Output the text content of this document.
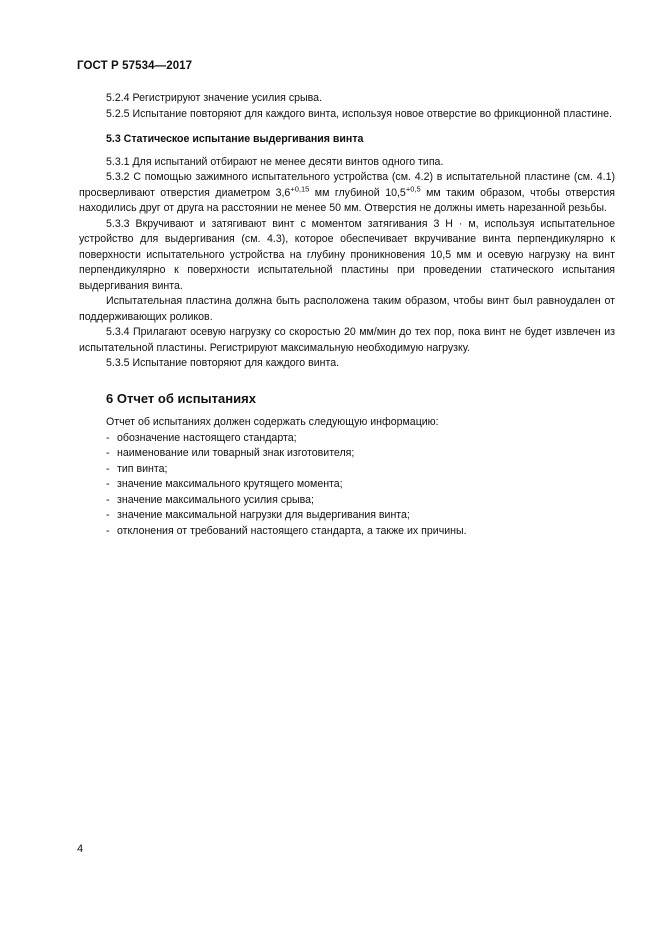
ГОСТ Р 57534—2017

5.2.4 Регистрируют значение усилия срыва.

5.2.5 Испытание повторяют для каждого винта, используя новое отверстие во фрикционной пластине.

5.3 Статическое испытание выдергивания винта

5.3.1 Для испытаний отбирают не менее десяти винтов одного типа.

5.3.2 С помощью зажимного испытательного устройства (см. 4.2) в испытательной пластине (см. 4.1) просверливают отверстия диаметром $3,6^{+0,15}$ мм глубиной $10,5^{+0,5}$ мм таким образом, чтобы отверстия находились друг от друга на расстоянии не менее 50 мм. Отверстия не должны иметь нарезанной резьбы.

5.3.3 Вкручивают и затягивают винт с моментом затягивания 3 Н · м, используя испытательное устройство для выдергивания (см. 4.3), которое обеспечивает вкручивание винта перпендикулярно к поверхности испытательного устройства на глубину проникновения 10,5 мм и осевую нагрузку на винт перпендикулярно к поверхности испытательной пластины при проведении статического испытания выдергивания винта.

Испытательная пластина должна быть расположена таким образом, чтобы винт был равноудален от поддерживающих роликов.

5.3.4 Прилагают осевую нагрузку со скоростью 20 мм/мин до тех пор, пока винт не будет извлечен из испытательной пластины. Регистрируют максимальную необходимую нагрузку.

5.3.5 Испытание повторяют для каждого винта.

6 Отчет об испытаниях

Отчет об испытаниях должен содержать следующую информацию:

- обозначение настоящего стандарта;
- наименование или товарный знак изготовителя;
- тип винта;
- значение максимального крутящего момента;
- значение максимального усилия срыва;
- значение максимальной нагрузки для выдергивания винта;
- отклонения от требований настоящего стандарта, а также их причины.
4
